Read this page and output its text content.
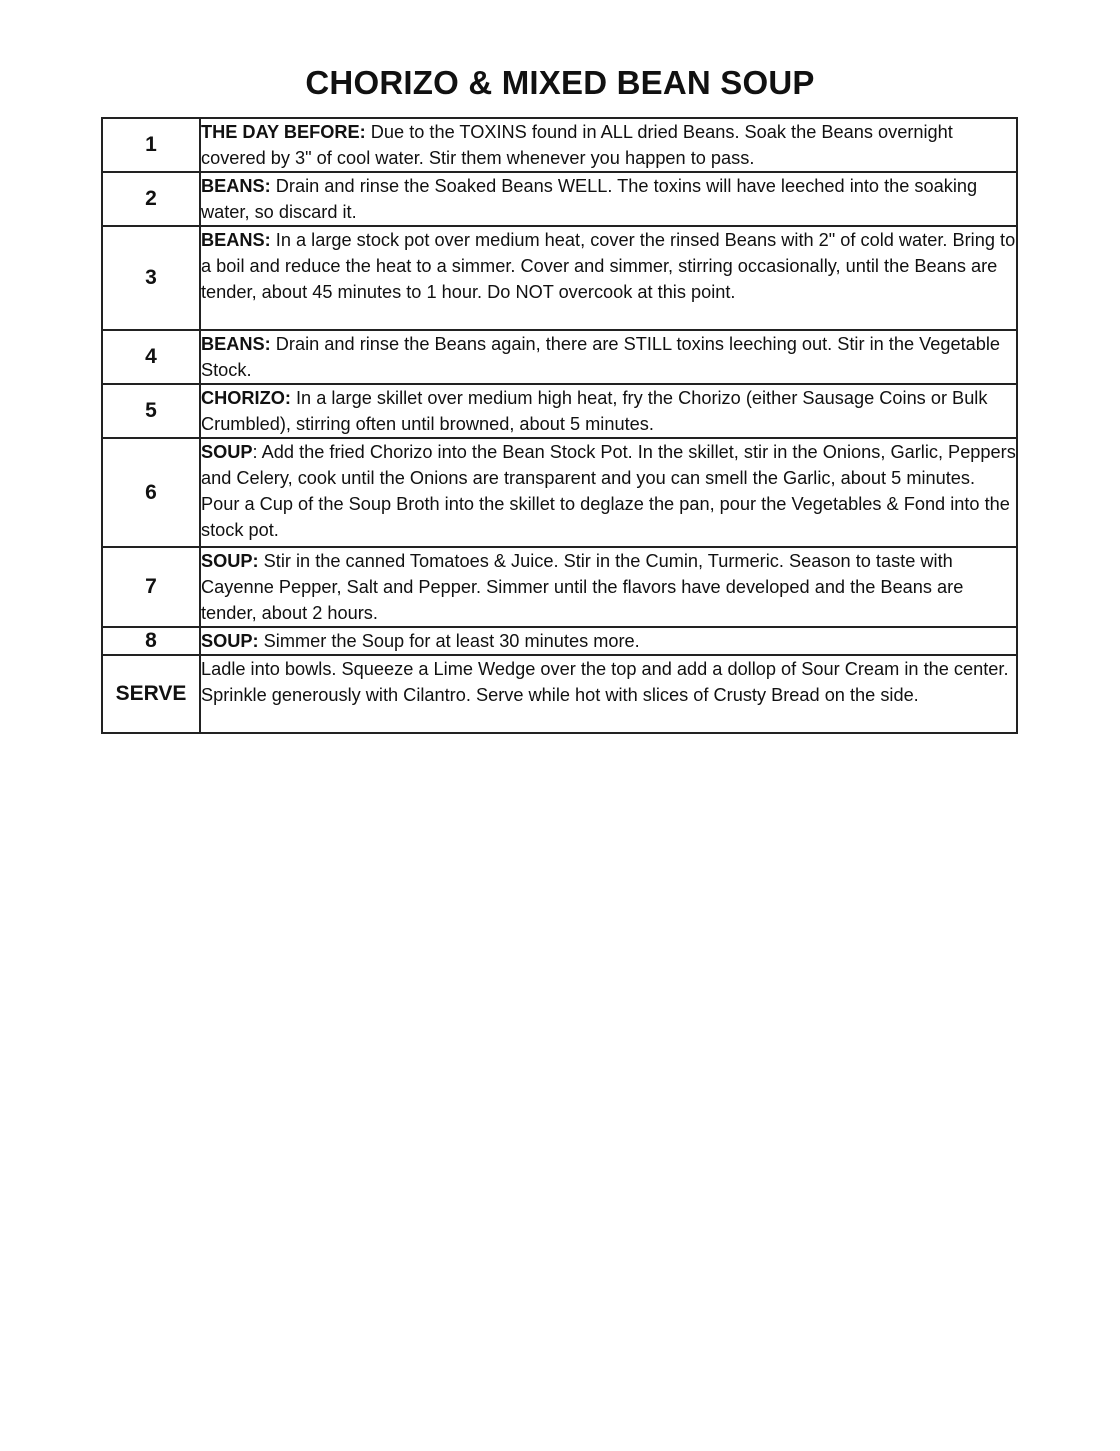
CHORIZO & MIXED BEAN SOUP
1	THE DAY BEFORE: Due to the TOXINS found in ALL dried Beans. Soak the Beans overnight covered by 3" of cool water. Stir them whenever you happen to pass.
2	BEANS: Drain and rinse the Soaked Beans WELL. The toxins will have leeched into the soaking water, so discard it.
3	BEANS: In a large stock pot over medium heat, cover the rinsed Beans with 2" of cold water. Bring to a boil and reduce the heat to a simmer. Cover and simmer, stirring occasionally, until the Beans are tender, about 45 minutes to 1 hour. Do NOT overcook at this point.
4	BEANS: Drain and rinse the Beans again, there are STILL toxins leeching out. Stir in the Vegetable Stock.
5	CHORIZO: In a large skillet over medium high heat, fry the Chorizo (either Sausage Coins or Bulk Crumbled), stirring often until browned, about 5 minutes.
6	SOUP: Add the fried Chorizo into the Bean Stock Pot. In the skillet, stir in the Onions, Garlic, Peppers and Celery, cook until the Onions are transparent and you can smell the Garlic, about 5 minutes. Pour a Cup of the Soup Broth into the skillet to deglaze the pan, pour the Vegetables & Fond into the stock pot.
7	SOUP: Stir in the canned Tomatoes & Juice. Stir in the Cumin, Turmeric. Season to taste with Cayenne Pepper, Salt and Pepper. Simmer until the flavors have developed and the Beans are tender, about 2 hours.
8	SOUP: Simmer the Soup for at least 30 minutes more.
SERVE	Ladle into bowls. Squeeze a Lime Wedge over the top and add a dollop of Sour Cream in the center. Sprinkle generously with Cilantro. Serve while hot with slices of Crusty Bread on the side.
